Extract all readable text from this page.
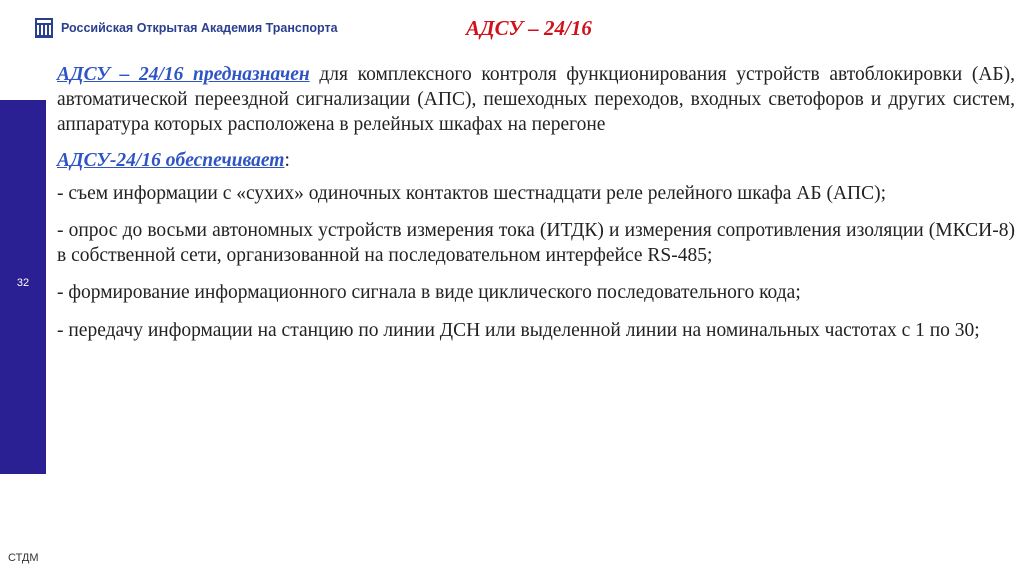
Российская Открытая Академия Транспорта	АДСУ – 24/16
32
СТДМ

АДСУ – 24/16 предназначен для комплексного контроля функционирования устройств автоблокировки (АБ), автоматической переездной сигнализации (АПС), пешеходных переходов, входных светофоров и других систем, аппаратура которых расположена в релейных шкафах на перегоне

АДСУ-24/16 обеспечивает:

- съем информации с «сухих» одиночных контактов шестнадцати реле релейного шкафа АБ (АПС);

- опрос до восьми автономных устройств измерения тока (ИТДК) и измерения сопротивления изоляции (МКСИ-8) в собственной сети, организованной на последовательном интерфейсе RS-485;

- формирование информационного сигнала в виде циклического последовательного кода;

- передачу информации на станцию по линии ДСН или выделенной линии на номинальных частотах с 1 по 30;
